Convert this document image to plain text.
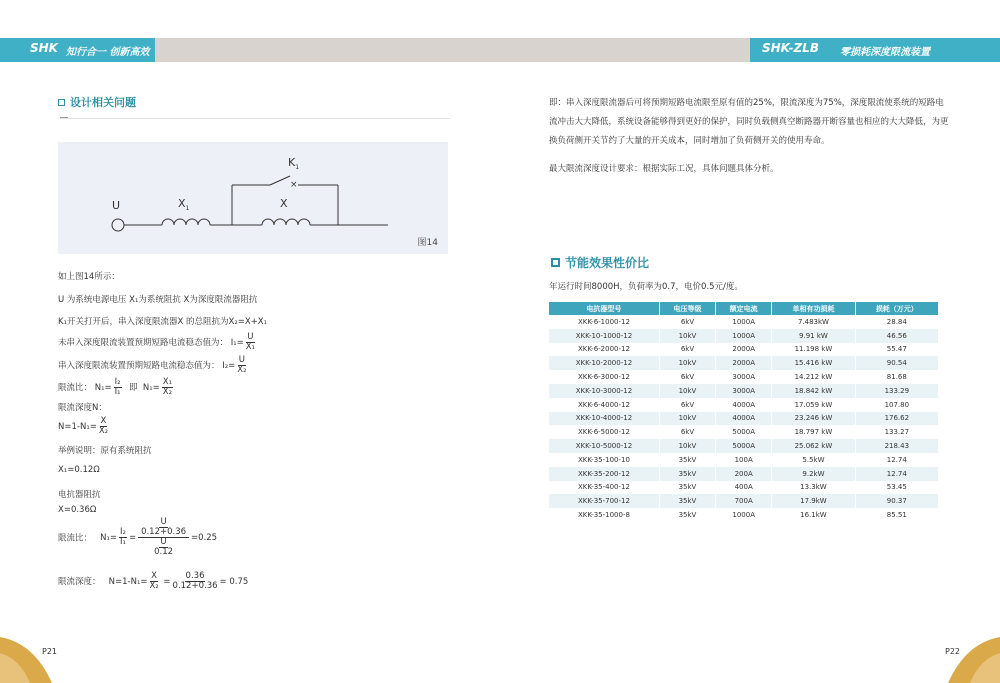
SHK 知行合一 创新高效	SHK-ZLB 零损耗深度限流装置
设计相关问题
×
U	$X_1$	X
$K_1$
图14
如上图14所示：
U 为系统电源电压 X₁为系统阻抗 X为深度限流器阻抗
K₁开关打开后，串入深度限流器X 的总阻抗为X₂=X+X₁
未串入深度限流装置预期短路电流稳态值为： $I_1= \frac{U}{\text{X₁}}$
串入深度限流装置预期短路电流稳态值为： $I_2= \frac{U}{\text{X₂}}$
限流比： $N_1= \frac{\text{I₂}}{\text{I₁}}$ 即 $N_1= \frac{\text{X₁}}{\text{X₂}}$
限流深度N：
$N=1-N_1= \frac{X}{\text{X₂}}$
举例说明：原有系统阻抗
X₁=0.12Ω
电抗器阻抗
X=0.36Ω
限流比： $N_1= \frac{\text{I₂}}{\text{I₁}} = \frac{\frac{U}{0.12+0.36}}{\frac{U}{0.12}} =0.25$
限流深度： $N=1-N_1= \frac{X}{\text{X₂}} = \frac{0.36}{0.12+0.36} = 0.75$
即：串入深度限流器后可将预期短路电流限至原有值的25%，限流深度为75%，深度限流使系统的短路电流冲击大大降低，系统设备能够得到更好的保护，同时负载侧真空断路器开断容量也相应的大大降低，为更换负荷侧开关节约了大量的开关成本，同时增加了负荷侧开关的使用寿命。
最大限流深度设计要求：根据实际工况，具体问题具体分析。
节能效果性价比
年运行时间8000H，负荷率为0.7，电价0.5元/度。
电抗器型号	电压等级	额定电流	单相有功损耗	损耗（万元）
XKK-6-1000-12	6kV	1000A	7.483kW	28.84
XKK-10-1000-12	10kV	1000A	9.91 kW	46.56
XKK-6-2000-12	6kV	2000A	11.198 kW	55.47
XKK-10-2000-12	10kV	2000A	15.416 kW	90.54
XKK-6-3000-12	6kV	3000A	14.212 kW	81.68
XKK-10-3000-12	10kV	3000A	18.842 kW	133.29
XKK-6-4000-12	6kV	4000A	17.059 kW	107.80
XKK-10-4000-12	10kV	4000A	23.246 kW	176.62
XKK-6-5000-12	6kV	5000A	18.797 kW	133.27
XKK-10-5000-12	10kV	5000A	25.062 kW	218.43
XKK-35-100-10	35kV	100A	5.5kW	12.74
XKK-35-200-12	35kV	200A	9.2kW	12.74
XKK-35-400-12	35kV	400A	13.3kW	53.45
XKK-35-700-12	35kV	700A	17.9kW	90.37
XKK-35-1000-8	35kV	1000A	16.1kW	85.51
P21	P22
